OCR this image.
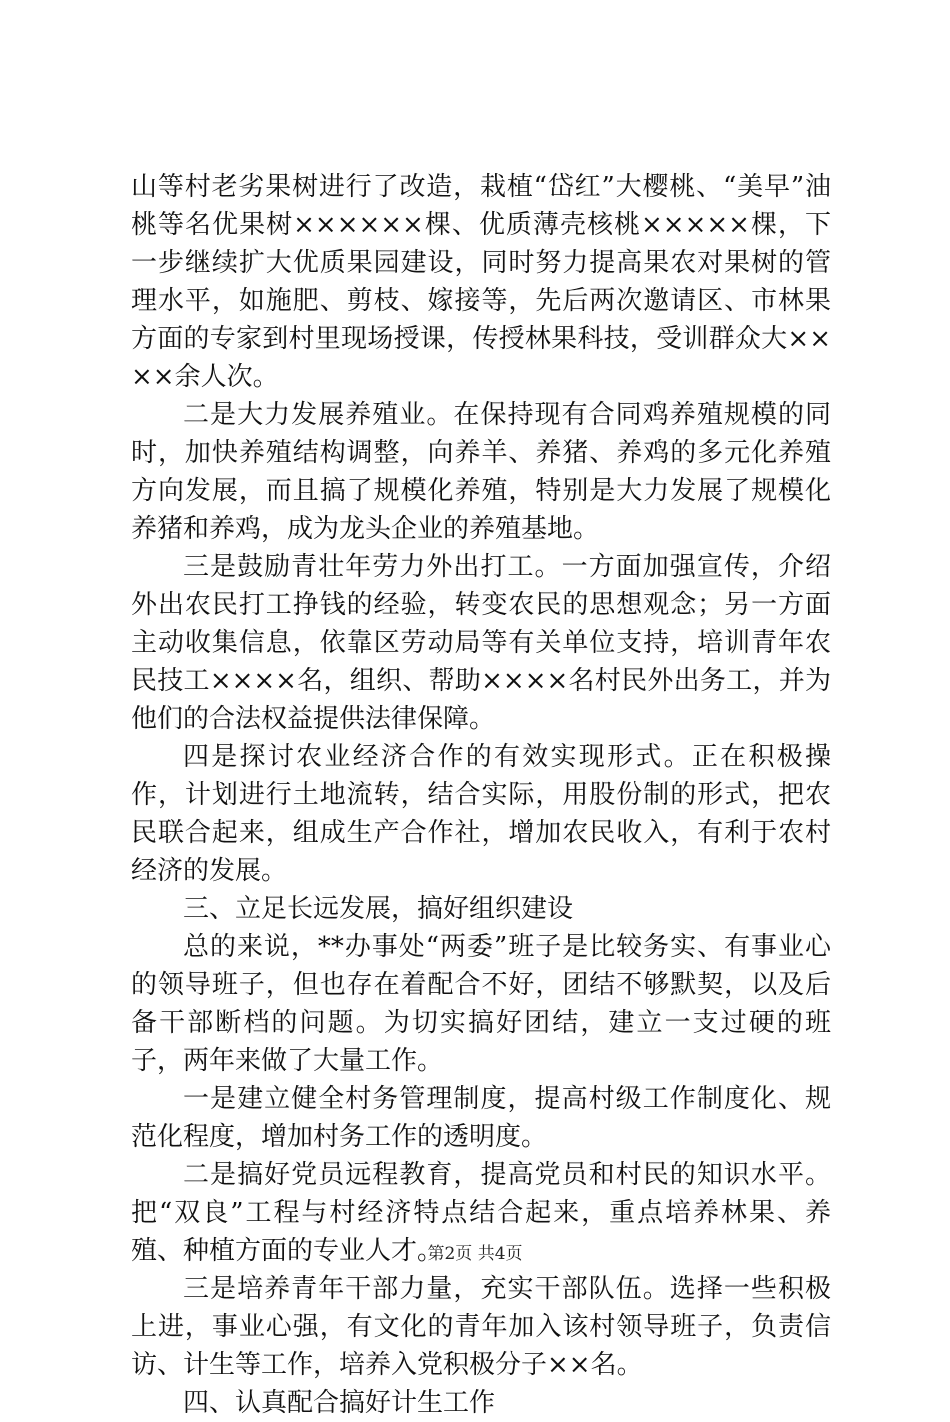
山等村老劣果树进行了改造，栽植“岱红”大樱桃、“美早”油桃等名优果树××××××棵、优质薄壳核桃×××××棵，下一步继续扩大优质果园建设，同时努力提高果农对果树的管理水平，如施肥、剪枝、嫁接等，先后两次邀请区、市林果方面的专家到村里现场授课，传授林果科技，受训群众大××××余人次。

二是大力发展养殖业。在保持现有合同鸡养殖规模的同时，加快养殖结构调整，向养羊、养猪、养鸡的多元化养殖方向发展，而且搞了规模化养殖，特别是大力发展了规模化养猪和养鸡，成为龙头企业的养殖基地。

三是鼓励青壮年劳力外出打工。一方面加强宣传，介绍外出农民打工挣钱的经验，转变农民的思想观念；另一方面主动收集信息，依靠区劳动局等有关单位支持，培训青年农民技工××××名，组织、帮助××××名村民外出务工，并为他们的合法权益提供法律保障。

四是探讨农业经济合作的有效实现形式。正在积极操作，计划进行土地流转，结合实际，用股份制的形式，把农民联合起来，组成生产合作社，增加农民收入，有利于农村经济的发展。

三、立足长远发展，搞好组织建设

总的来说，**办事处“两委”班子是比较务实、有事业心的领导班子，但也存在着配合不好，团结不够默契，以及后备干部断档的问题。为切实搞好团结，建立一支过硬的班子，两年来做了大量工作。

一是建立健全村务管理制度，提高村级工作制度化、规范化程度，增加村务工作的透明度。

二是搞好党员远程教育，提高党员和村民的知识水平。把“双良”工程与村经济特点结合起来，重点培养林果、养殖、种植方面的专业人才。

三是培养青年干部力量，充实干部队伍。选择一些积极上进，事业心强，有文化的青年加入该村领导班子，负责信访、计生等工作，培养入党积极分子××名。

四、认真配合搞好计生工作

第2页 共4页
